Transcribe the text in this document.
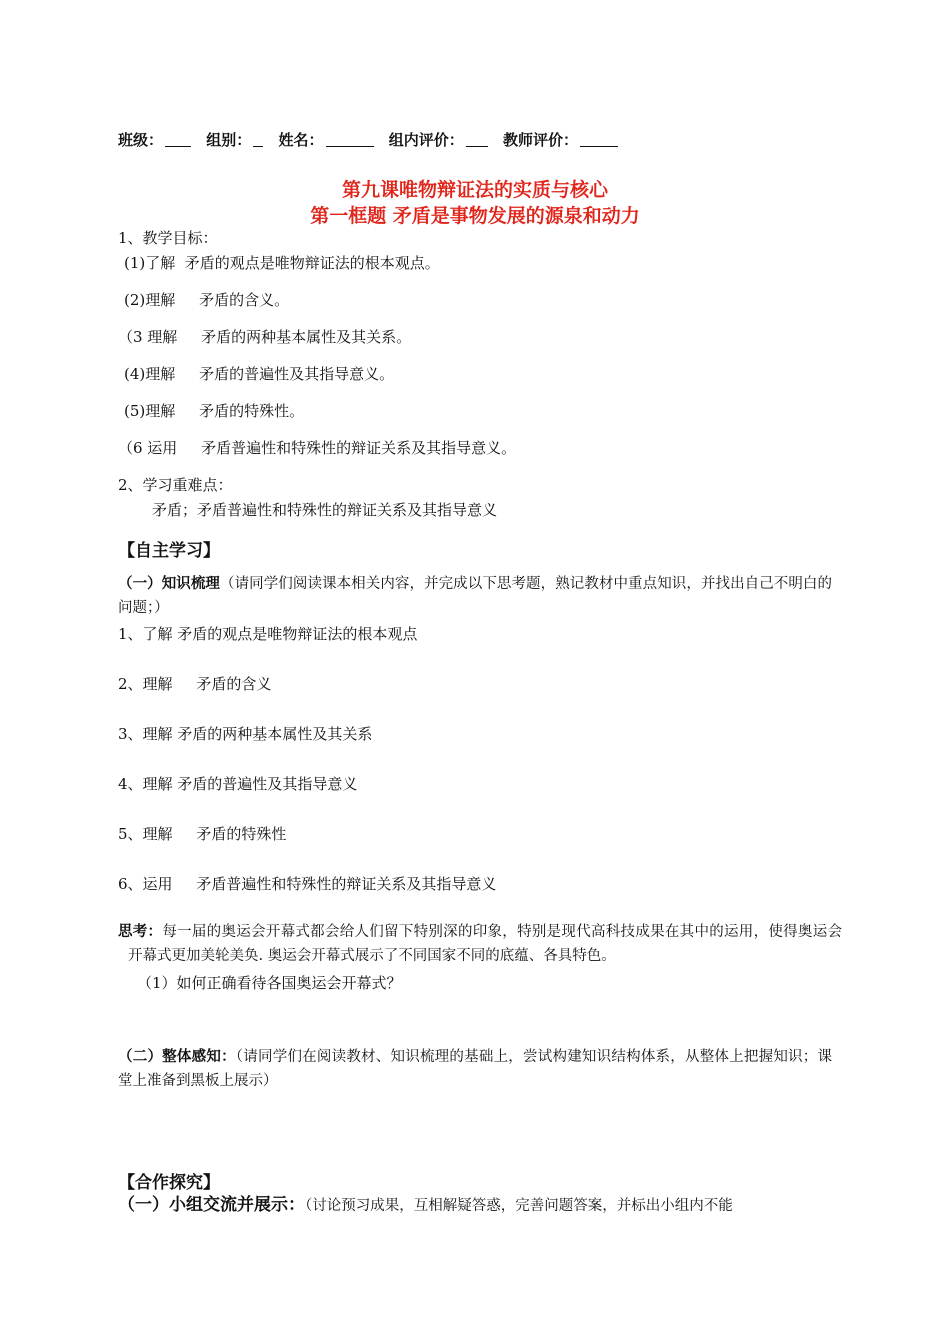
班级：	组别： 姓名：	组内评价：	教师评价：
第九课唯物辩证法的实质与核心
第一框题 矛盾是事物发展的源泉和动力
1、教学目标：
(1)了解  矛盾的观点是唯物辩证法的根本观点。
(2)理解     矛盾的含义。
（3 理解     矛盾的两种基本属性及其关系。
(4)理解     矛盾的普遍性及其指导意义。
(5)理解     矛盾的特殊性。
（6 运用     矛盾普遍性和特殊性的辩证关系及其指导意义。
2、学习重难点：
矛盾；矛盾普遍性和特殊性的辩证关系及其指导意义
【自主学习】
（一）知识梳理（请同学们阅读课本相关内容，并完成以下思考题，熟记教材中重点知识，并找出自己不明白的问题；）
1、了解 矛盾的观点是唯物辩证法的根本观点
2、理解     矛盾的含义
3、理解 矛盾的两种基本属性及其关系
4、理解 矛盾的普遍性及其指导意义
5、理解     矛盾的特殊性
6、运用     矛盾普遍性和特殊性的辩证关系及其指导意义
思考：每一届的奥运会开幕式都会给人们留下特别深的印象，特别是现代高科技成果在其中的运用，使得奥运会开幕式更加美轮美奂. 奥运会开幕式展示了不同国家不同的底蕴、各具特色。
（1）如何正确看待各国奥运会开幕式？
（二）整体感知：（请同学们在阅读教材、知识梳理的基础上，尝试构建知识结构体系，从整体上把握知识；课堂上准备到黑板上展示）
【合作探究】
（一）小组交流并展示：（讨论预习成果，互相解疑答惑，完善问题答案，并标出小组内不能
